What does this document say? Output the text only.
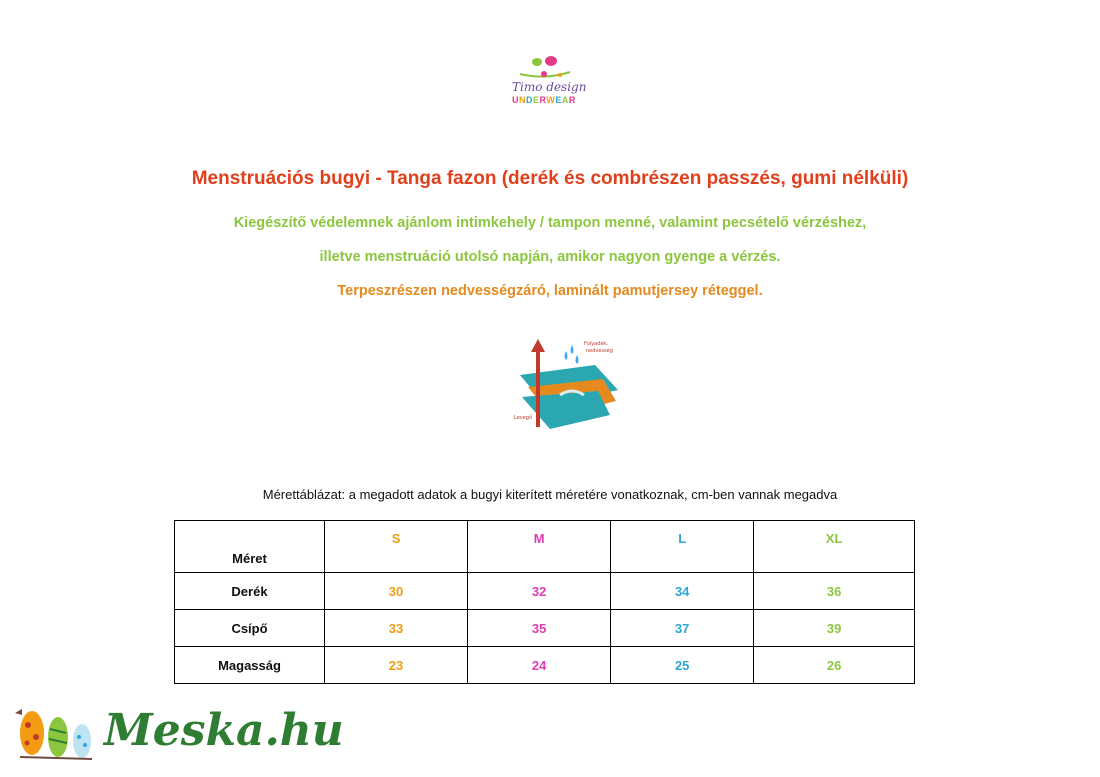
Timo design
UNDERWEAR
Menstruációs bugyi - Tanga fazon (derék és combrészen passzés, gumi nélküli)
Kiegészítő védelemnek ajánlom intimkehely / tampon menné, valamint pecsételő vérzéshez,
illetve menstruáció utolsó napján, amikor nagyon gyenge a vérzés.
Terpeszrészen nedvességzáró, laminált pamutjersey réteggel.
Folyadék,
nedvesség
Levegő
Mérettáblázat: a megadott adatok a bugyi kiterített méretére vonatkoznak, cm-ben vannak megadva
Méret	S	M	L	XL
Derék	30	32	34	36
Csípő	33	35	37	39
Magasság	23	24	25	26
Meska.hu
